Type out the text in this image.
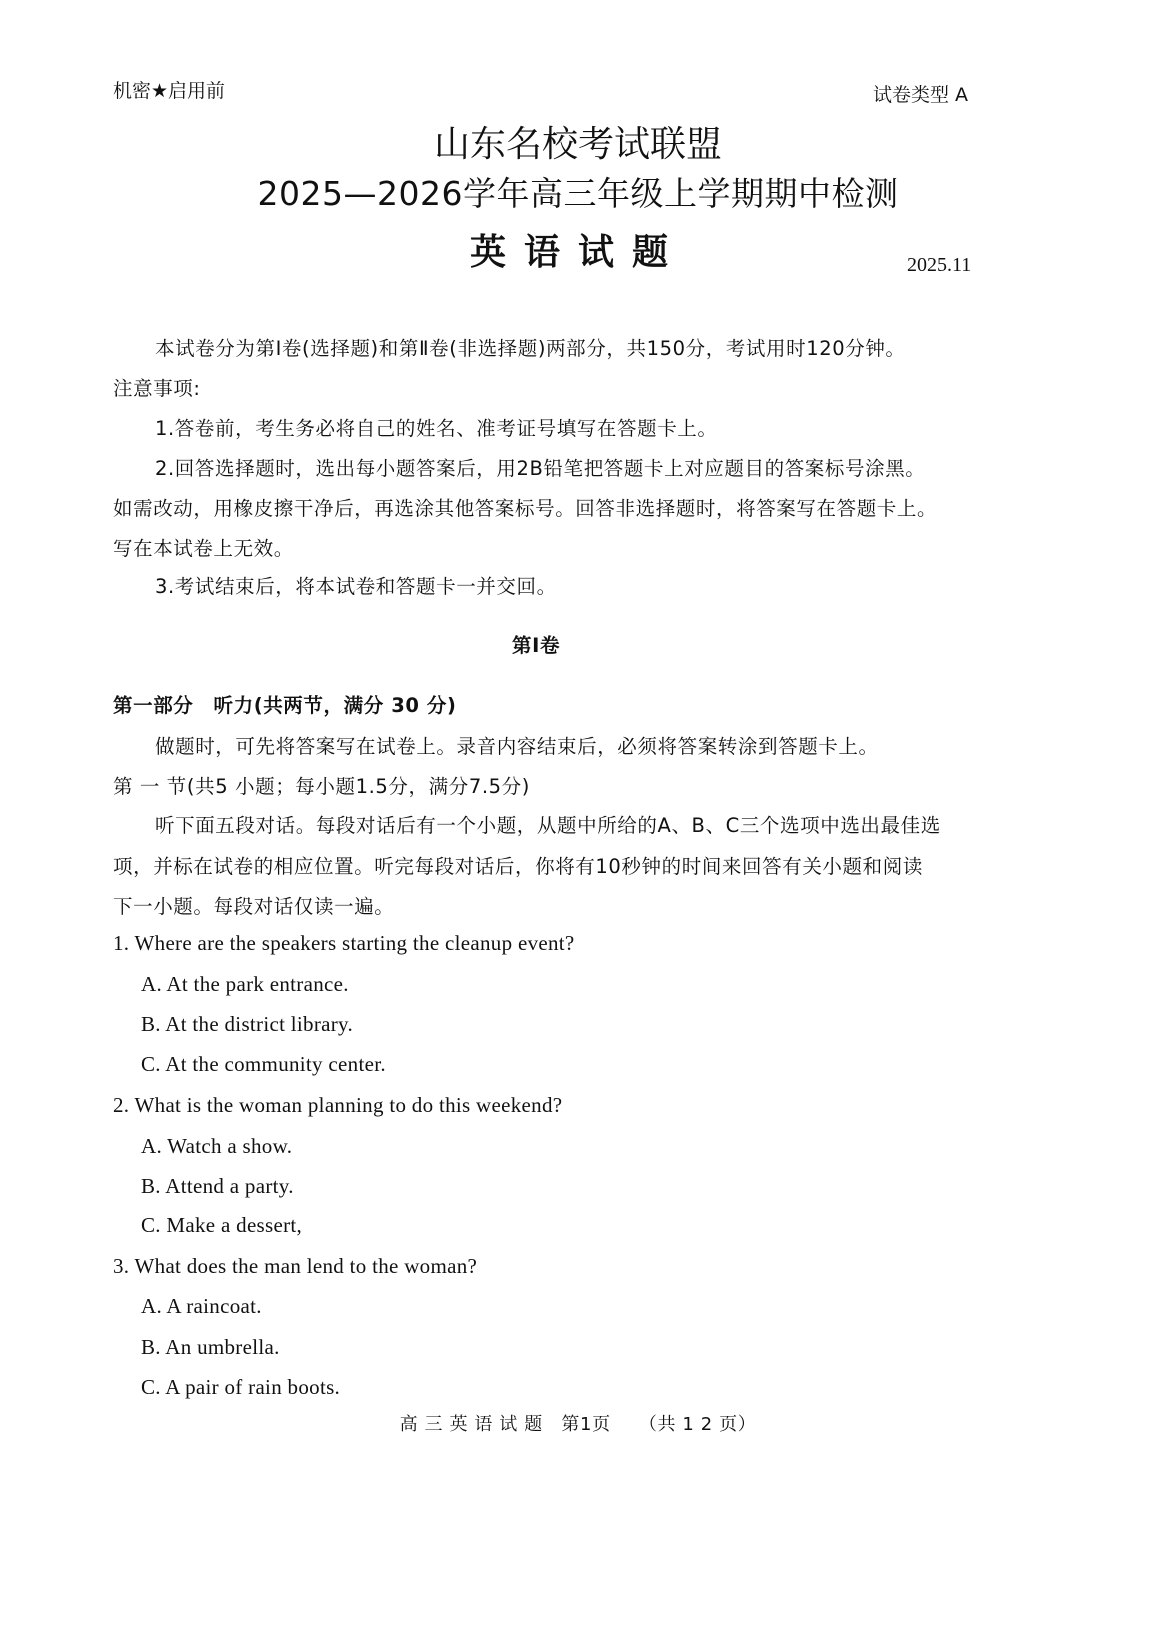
机密★启用前	试卷类型 A
山东名校考试联盟
2025—2026学年高三年级上学期期中检测
英语试题	2025.11
本试卷分为第Ⅰ卷(选择题)和第Ⅱ卷(非选择题)两部分，共150分，考试用时120分钟。
注意事项:
1.答卷前，考生务必将自己的姓名、准考证号填写在答题卡上。
2.回答选择题时，选出每小题答案后，用2B铅笔把答题卡上对应题目的答案标号涂黑。
如需改动，用橡皮擦干净后，再选涂其他答案标号。回答非选择题时，将答案写在答题卡上。
写在本试卷上无效。
3.考试结束后，将本试卷和答题卡一并交回。
第Ⅰ卷
第一部分　听力(共两节，满分 30 分)
做题时，可先将答案写在试卷上。录音内容结束后，必须将答案转涂到答题卡上。
第 一 节(共5 小题；每小题1.5分，满分7.5分)
听下面五段对话。每段对话后有一个小题，从题中所给的A、B、C三个选项中选出最佳选
项，并标在试卷的相应位置。听完每段对话后，你将有10秒钟的时间来回答有关小题和阅读
下一小题。每段对话仅读一遍。
1. Where are the speakers starting the cleanup event?
A. At the park entrance.
B. At the district library.
C. At the community center.
2. What is the woman planning to do this weekend?
A. Watch a show.
B. Attend a party.
C. Make a dessert,
3. What does the man lend to the woman?
A. A raincoat.
B. An umbrella.
C. A pair of rain boots.
高 三 英 语 试 题　第1页　　（共 1 2 页）
